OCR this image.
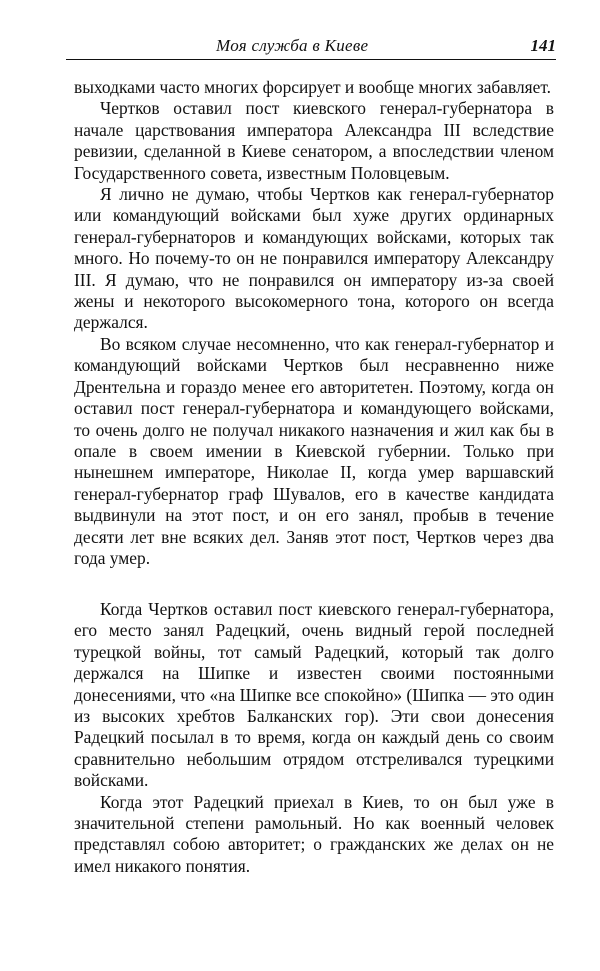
Моя служба в Киеве	141

выходками часто многих форсирует и вообще многих забавляет.

Чертков оставил пост киевского генерал-губернатора в начале царствования императора Александра III вследствие ревизии, сделанной в Киеве сенатором, а впоследствии членом Государственного совета, известным Половцевым.

Я лично не думаю, чтобы Чертков как генерал-губернатор или командующий войсками был хуже других ординарных генерал-губернаторов и командующих войсками, которых так много. Но почему-то он не понравился императору Александру III. Я думаю, что не понравился он императору из-за своей жены и некоторого высокомерного тона, которого он всегда держался.

Во всяком случае несомненно, что как генерал-губернатор и командующий войсками Чертков был несравненно ниже Дрентельна и гораздо менее его авторитетен. Поэтому, когда он оставил пост генерал-губернатора и командующего войсками, то очень долго не получал никакого назначения и жил как бы в опале в своем имении в Киевской губернии. Только при нынешнем императоре, Николае II, когда умер варшавский генерал-губернатор граф Шувалов, его в качестве кандидата выдвинули на этот пост, и он его занял, пробыв в течение десяти лет вне всяких дел. Заняв этот пост, Чертков через два года умер.

Когда Чертков оставил пост киевского генерал-губернатора, его место занял Радецкий, очень видный герой последней турецкой войны, тот самый Радецкий, который так долго держался на Шипке и известен своими постоянными донесениями, что «на Шипке все спокойно» (Шипка — это один из высоких хребтов Балканских гор). Эти свои донесения Радецкий посылал в то время, когда он каждый день со своим сравнительно небольшим отрядом отстреливался турецкими войсками.

Когда этот Радецкий приехал в Киев, то он был уже в значительной степени рамольный. Но как военный человек представлял собою авторитет; о гражданских же делах он не имел никакого понятия.
